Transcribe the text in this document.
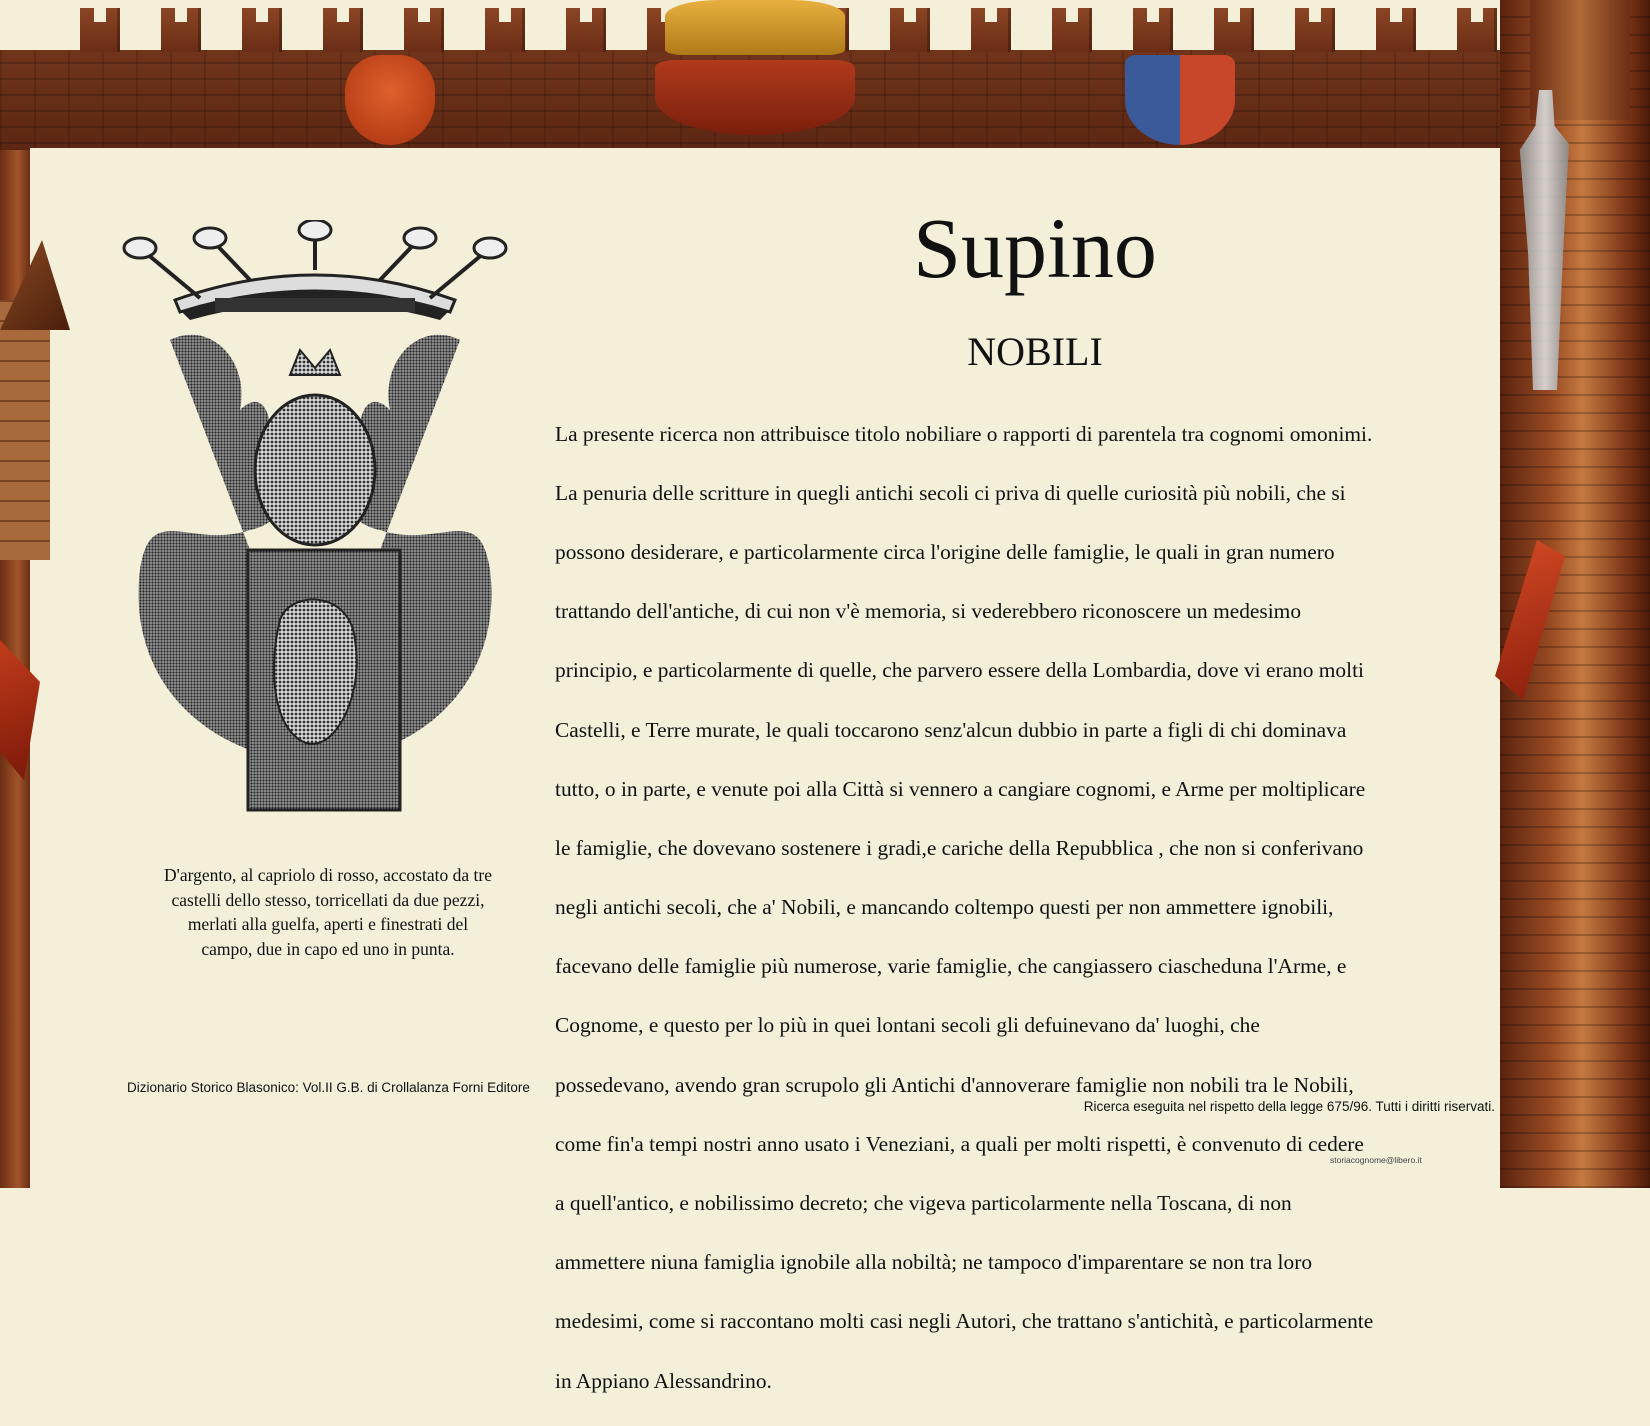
Supino
NOBILI

La presente ricerca non attribuisce titolo nobiliare o rapporti di parentela tra cognomi omonimi.

La penuria delle scritture in quegli antichi secoli ci priva di quelle curiosità più nobili, che si

possono desiderare, e particolarmente circa l'origine delle famiglie, le quali in gran numero

trattando dell'antiche, di cui non v'è memoria, si vederebbero riconoscere un medesimo

principio, e particolarmente di quelle, che parvero essere della Lombardia, dove vi erano molti

Castelli, e Terre murate, le quali toccarono senz'alcun dubbio in parte a figli di chi dominava

tutto, o in parte, e venute poi alla Città si vennero a cangiare cognomi, e Arme per moltiplicare

le famiglie, che dovevano sostenere i gradi,e cariche della Repubblica , che non si conferivano

negli antichi secoli, che a' Nobili, e mancando coltempo questi per non ammettere ignobili,

facevano delle famiglie più numerose, varie famiglie, che cangiassero ciascheduna l'Arme, e

Cognome, e questo per lo più in quei lontani secoli gli defuinevano da' luoghi, che

possedevano, avendo gran scrupolo gli Antichi d'annoverare famiglie non nobili tra le Nobili,

come fin'a tempi nostri anno usato i Veneziani, a quali per molti rispetti, è convenuto di cedere

a quell'antico, e nobilissimo decreto; che vigeva particolarmente nella Toscana, di non

ammettere niuna famiglia ignobile alla nobiltà; ne tampoco d'imparentare se non tra loro

medesimi, come si raccontano molti casi negli Autori, che trattano s'antichità, e particolarmente

in Appiano Alessandrino.

D'argento, al capriolo di rosso, accostato da tre
castelli dello stesso, torricellati da due pezzi,
merlati alla guelfa, aperti e finestrati del
campo, due in capo ed uno in punta.
Dizionario Storico Blasonico: Vol.II G.B. di Crollalanza Forni Editore
Ricerca eseguita nel rispetto della legge 675/96. Tutti i diritti riservati.
storiacognome@libero.it
